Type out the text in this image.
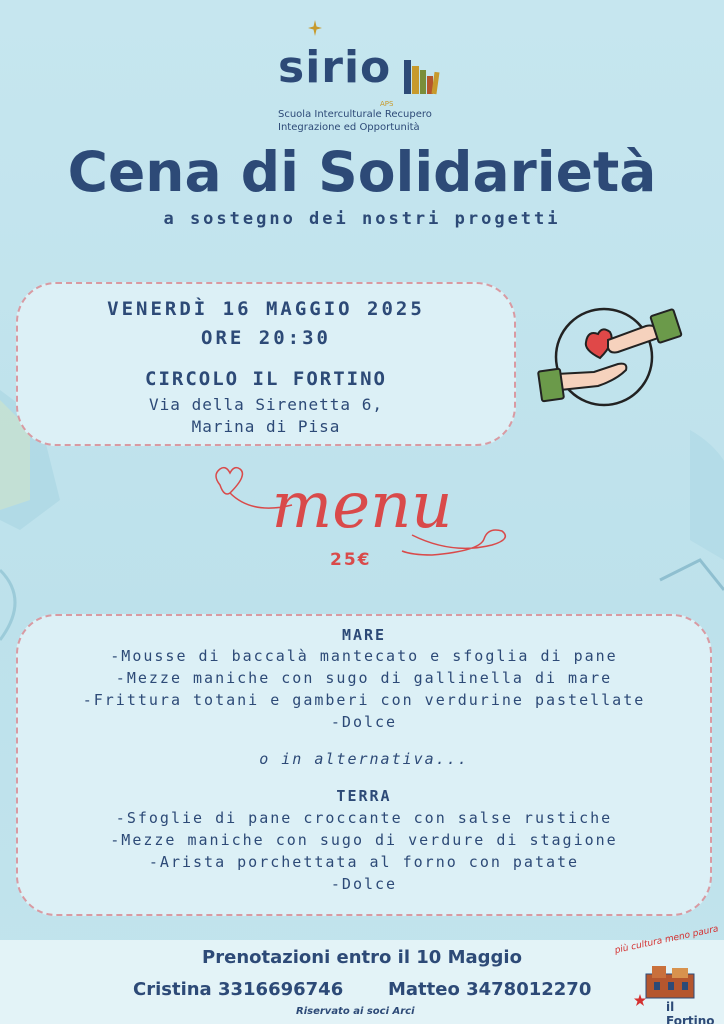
sirio
APS
Scuola Interculturale Recupero
Integrazione ed Opportunità
Cena di Solidarietà
a sostegno dei nostri progetti
VENERDÌ 16 MAGGIO 2025
ORE 20:30
CIRCOLO IL FORTINO
Via della Sirenetta 6,
Marina di Pisa
menu
25€
MARE
-Mousse di baccalà mantecato e sfoglia di pane
-Mezze maniche con sugo di gallinella di mare
-Frittura totani e gamberi con verdurine pastellate
-Dolce
o in alternativa...
TERRA
-Sfoglie di pane croccante con salse rustiche
-Mezze maniche con sugo di verdure di stagione
-Arista porchettata al forno con patate
-Dolce
Prenotazioni entro il 10 Maggio
Cristina 3316696746 Matteo 3478012270
Riservato ai soci Arci
più cultura meno paura
il Fortino
